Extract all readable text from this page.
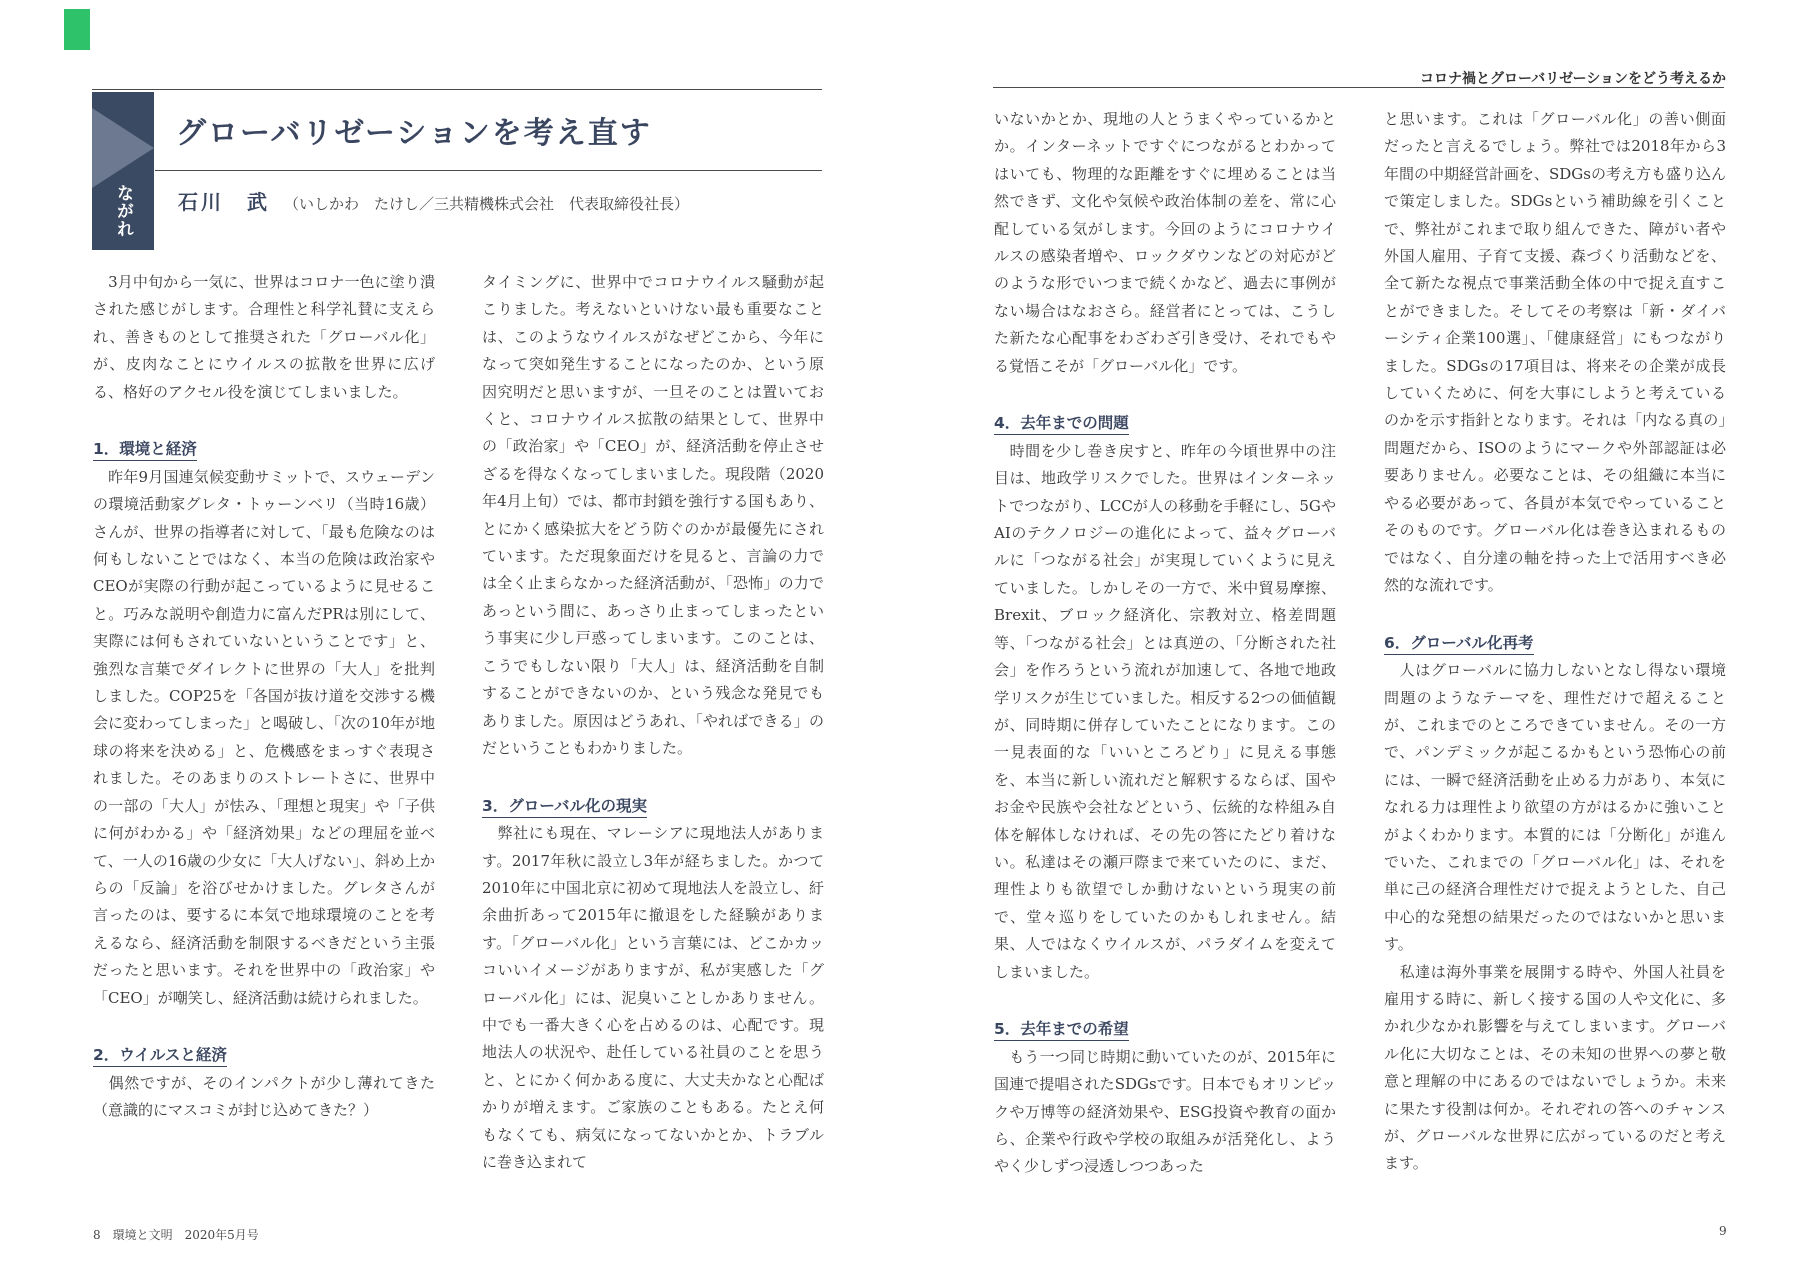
ながれ
グローバリゼーションを考え直す
石川　武 （いしかわ　たけし／三共精機株式会社　代表取締役社長）
コロナ禍とグローバリゼーションをどう考えるか

　3月中旬から一気に、世界はコロナ一色に塗り潰された感じがします。合理性と科学礼賛に支えられ、善きものとして推奨された「グローバル化」が、皮肉なことにウイルスの拡散を世界に広げる、格好のアクセル役を演じてしまいました。

1．環境と経済

　昨年9月国連気候変動サミットで、スウェーデンの環境活動家グレタ・トゥーンベリ（当時16歳）さんが、世界の指導者に対して、「最も危険なのは何もしないことではなく、本当の危険は政治家やCEOが実際の行動が起こっているように見せること。巧みな説明や創造力に富んだPRは別にして、実際には何もされていないということです」と、強烈な言葉でダイレクトに世界の「大人」を批判しました。COP25を「各国が抜け道を交渉する機会に変わってしまった」と喝破し、「次の10年が地球の将来を決める」と、危機感をまっすぐ表現されました。そのあまりのストレートさに、世界中の一部の「大人」が怯み、「理想と現実」や「子供に何がわかる」や「経済効果」などの理屈を並べて、一人の16歳の少女に「大人げない」、斜め上からの「反論」を浴びせかけました。グレタさんが言ったのは、要するに本気で地球環境のことを考えるなら、経済活動を制限するべきだという主張だったと思います。それを世界中の「政治家」や「CEO」が嘲笑し、経済活動は続けられました。

2．ウイルスと経済

　偶然ですが、そのインパクトが少し薄れてきた（意識的にマスコミが封じ込めてきた？）

タイミングに、世界中でコロナウイルス騒動が起こりました。考えないといけない最も重要なことは、このようなウイルスがなぜどこから、今年になって突如発生することになったのか、という原因究明だと思いますが、一旦そのことは置いておくと、コロナウイルス拡散の結果として、世界中の「政治家」や「CEO」が、経済活動を停止させざるを得なくなってしまいました。現段階（2020年4月上旬）では、都市封鎖を強行する国もあり、とにかく感染拡大をどう防ぐのかが最優先にされています。ただ現象面だけを見ると、言論の力では全く止まらなかった経済活動が、「恐怖」の力であっという間に、あっさり止まってしまったという事実に少し戸惑ってしまいます。このことは、こうでもしない限り「大人」は、経済活動を自制することができないのか、という残念な発見でもありました。原因はどうあれ、「やればできる」のだということもわかりました。

3．グローバル化の現実

　弊社にも現在、マレーシアに現地法人があります。2017年秋に設立し3年が経ちました。かつて2010年に中国北京に初めて現地法人を設立し、紆余曲折あって2015年に撤退をした経験があります。「グローバル化」という言葉には、どこかカッコいいイメージがありますが、私が実感した「グローバル化」には、泥臭いことしかありません。中でも一番大きく心を占めるのは、心配です。現地法人の状況や、赴任している社員のことを思うと、とにかく何かある度に、大丈夫かなと心配ばかりが増えます。ご家族のこともある。たとえ何もなくても、病気になってないかとか、トラブルに巻き込まれて

いないかとか、現地の人とうまくやっているかとか。インターネットですぐにつながるとわかってはいても、物理的な距離をすぐに埋めることは当然できず、文化や気候や政治体制の差を、常に心配している気がします。今回のようにコロナウイルスの感染者増や、ロックダウンなどの対応がどのような形でいつまで続くかなど、過去に事例がない場合はなおさら。経営者にとっては、こうした新たな心配事をわざわざ引き受け、それでもやる覚悟こそが「グローバル化」です。

4．去年までの問題

　時間を少し巻き戻すと、昨年の今頃世界中の注目は、地政学リスクでした。世界はインターネットでつながり、LCCが人の移動を手軽にし、5GやAIのテクノロジーの進化によって、益々グローバルに「つながる社会」が実現していくように見えていました。しかしその一方で、米中貿易摩擦、Brexit、ブロック経済化、宗教対立、格差問題等、「つながる社会」とは真逆の、「分断された社会」を作ろうという流れが加速して、各地で地政学リスクが生じていました。相反する2つの価値観が、同時期に併存していたことになります。この一見表面的な「いいところどり」に見える事態を、本当に新しい流れだと解釈するならば、国やお金や民族や会社などという、伝統的な枠組み自体を解体しなければ、その先の答にたどり着けない。私達はその瀬戸際まで来ていたのに、まだ、理性よりも欲望でしか動けないという現実の前で、堂々巡りをしていたのかもしれません。結果、人ではなくウイルスが、パラダイムを変えてしまいました。

5．去年までの希望

　もう一つ同じ時期に動いていたのが、2015年に国連で提唱されたSDGsです。日本でもオリンピックや万博等の経済効果や、ESG投資や教育の面から、企業や行政や学校の取組みが活発化し、ようやく少しずつ浸透しつつあった

と思います。これは「グローバル化」の善い側面だったと言えるでしょう。弊社では2018年から3年間の中期経営計画を、SDGsの考え方も盛り込んで策定しました。SDGsという補助線を引くことで、弊社がこれまで取り組んできた、障がい者や外国人雇用、子育て支援、森づくり活動などを、全て新たな視点で事業活動全体の中で捉え直すことができました。そしてその考察は「新・ダイバーシティ企業100選」、「健康経営」にもつながりました。SDGsの17項目は、将来その企業が成長していくために、何を大事にしようと考えているのかを示す指針となります。それは「内なる真の」問題だから、ISOのようにマークや外部認証は必要ありません。必要なことは、その組織に本当にやる必要があって、各員が本気でやっていることそのものです。グローバル化は巻き込まれるものではなく、自分達の軸を持った上で活用すべき必然的な流れです。

6．グローバル化再考

　人はグローバルに協力しないとなし得ない環境問題のようなテーマを、理性だけで超えることが、これまでのところできていません。その一方で、パンデミックが起こるかもという恐怖心の前には、一瞬で経済活動を止める力があり、本気になれる力は理性より欲望の方がはるかに強いことがよくわかります。本質的には「分断化」が進んでいた、これまでの「グローバル化」は、それを単に己の経済合理性だけで捉えようとした、自己中心的な発想の結果だったのではないかと思います。

　私達は海外事業を展開する時や、外国人社員を雇用する時に、新しく接する国の人や文化に、多かれ少なかれ影響を与えてしまいます。グローバル化に大切なことは、その未知の世界への夢と敬意と理解の中にあるのではないでしょうか。未来に果たす役割は何か。それぞれの答へのチャンスが、グローバルな世界に広がっているのだと考えます。

8　環境と文明　2020年5月号	9
